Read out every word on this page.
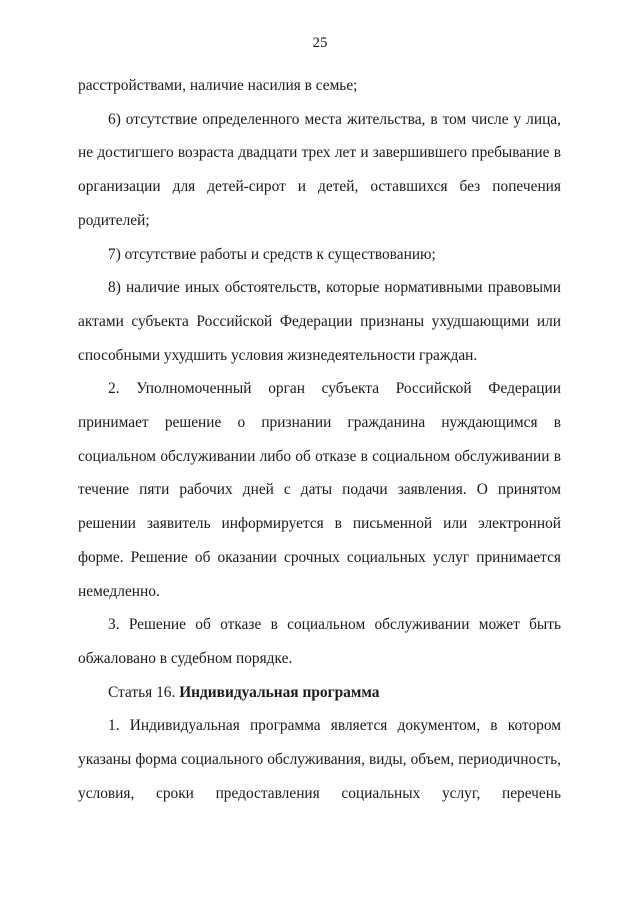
25

расстройствами, наличие насилия в семье;

6) отсутствие определенного места жительства, в том числе у лица, не достигшего возраста двадцати трех лет и завершившего пребывание в организации для детей-сирот и детей, оставшихся без попечения родителей;

7) отсутствие работы и средств к существованию;

8) наличие иных обстоятельств, которые нормативными правовыми актами субъекта Российской Федерации признаны ухудшающими или способными ухудшить условия жизнедеятельности граждан.

2. Уполномоченный орган субъекта Российской Федерации принимает решение о признании гражданина нуждающимся в социальном обслуживании либо об отказе в социальном обслуживании в течение пяти рабочих дней с даты подачи заявления. О принятом решении заявитель информируется в письменной или электронной форме. Решение об оказании срочных социальных услуг принимается немедленно.

3. Решение об отказе в социальном обслуживании может быть обжаловано в судебном порядке.

Статья 16. Индивидуальная программа

1. Индивидуальная программа является документом, в котором указаны форма социального обслуживания, виды, объем, периодичность, условия, сроки предоставления социальных услуг, перечень
